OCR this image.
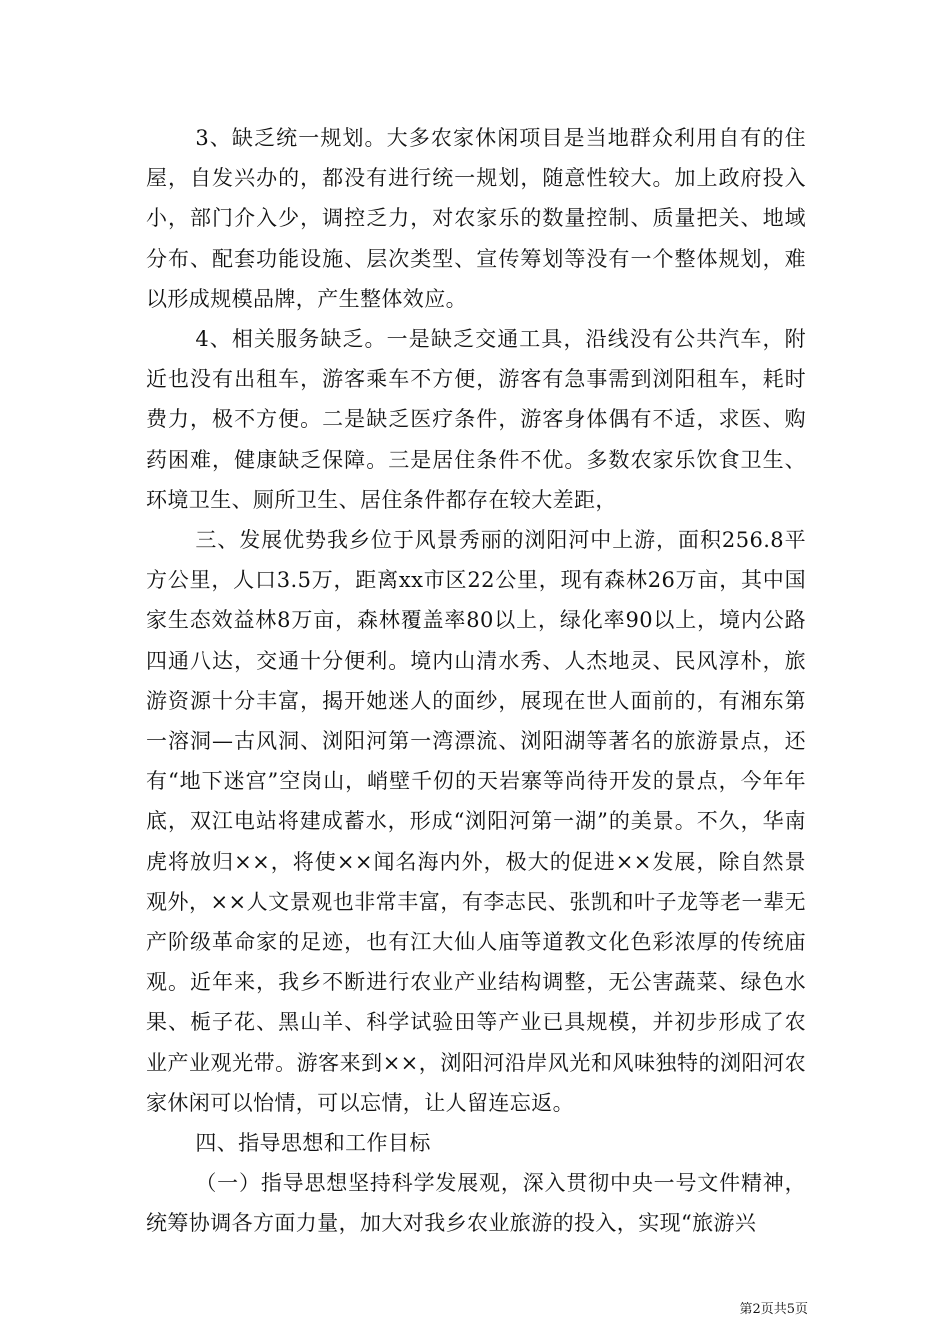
3、缺乏统一规划。大多农家休闲项目是当地群众利用自有的住屋，自发兴办的，都没有进行统一规划，随意性较大。加上政府投入小，部门介入少，调控乏力，对农家乐的数量控制、质量把关、地域分布、配套功能设施、层次类型、宣传筹划等没有一个整体规划，难以形成规模品牌，产生整体效应。

4、相关服务缺乏。一是缺乏交通工具，沿线没有公共汽车，附近也没有出租车，游客乘车不方便，游客有急事需到浏阳租车，耗时费力，极不方便。二是缺乏医疗条件，游客身体偶有不适，求医、购药困难，健康缺乏保障。三是居住条件不优。多数农家乐饮食卫生、环境卫生、厕所卫生、居住条件都存在较大差距，

三、发展优势我乡位于风景秀丽的浏阳河中上游，面积256.8平方公里，人口3.5万，距离xx市区22公里，现有森林26万亩，其中国家生态效益林8万亩，森林覆盖率80以上，绿化率90以上，境内公路四通八达，交通十分便利。境内山清水秀、人杰地灵、民风淳朴，旅游资源十分丰富，揭开她迷人的面纱，展现在世人面前的，有湘东第一溶洞—古风洞、浏阳河第一湾漂流、浏阳湖等著名的旅游景点，还有“地下迷宫”空岗山，峭壁千仞的天岩寨等尚待开发的景点，今年年底，双江电站将建成蓄水，形成“浏阳河第一湖”的美景。不久，华南虎将放归××，将使××闻名海内外，极大的促进××发展，除自然景观外，××人文景观也非常丰富，有李志民、张凯和叶子龙等老一辈无产阶级革命家的足迹，也有江大仙人庙等道教文化色彩浓厚的传统庙观。近年来，我乡不断进行农业产业结构调整，无公害蔬菜、绿色水果、栀子花、黑山羊、科学试验田等产业已具规模，并初步形成了农业产业观光带。游客来到××，浏阳河沿岸风光和风味独特的浏阳河农家休闲可以怡情，可以忘情，让人留连忘返。

四、指导思想和工作目标

（一）指导思想坚持科学发展观，深入贯彻中央一号文件精神，统筹协调各方面力量，加大对我乡农业旅游的投入，实现“旅游兴

第2页共5页
